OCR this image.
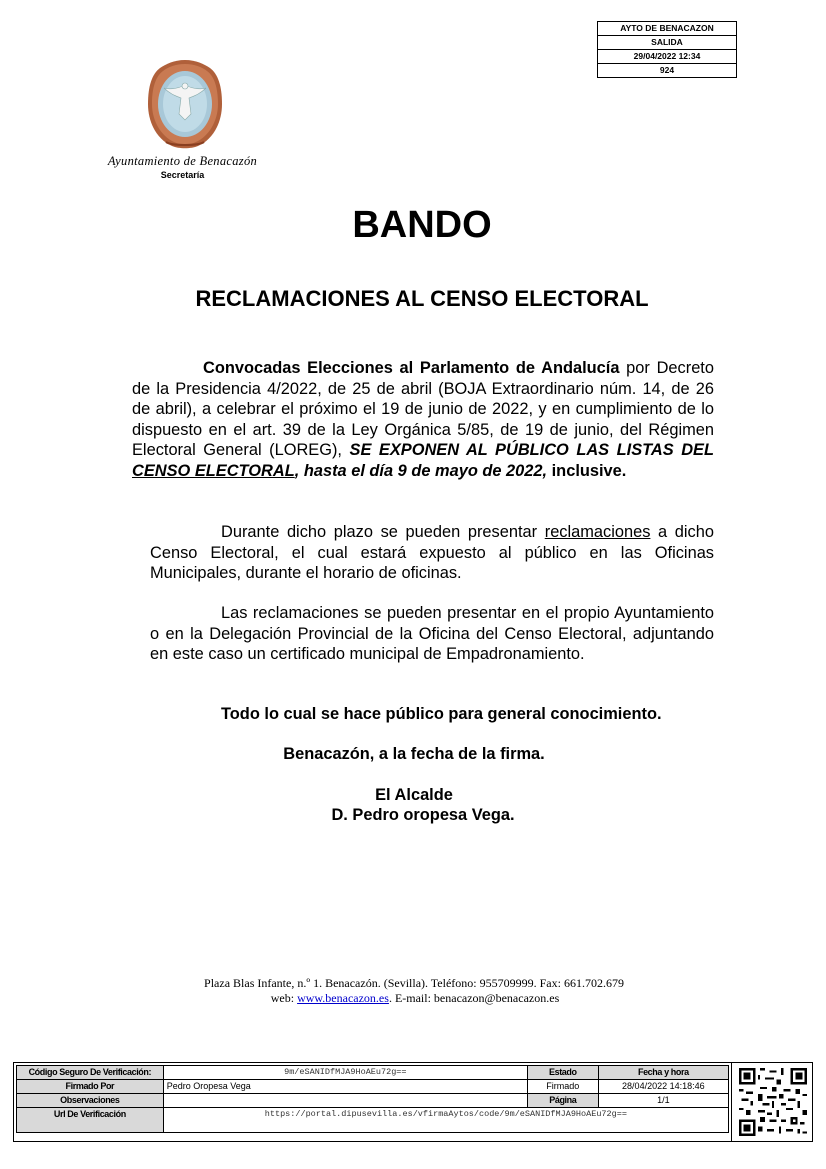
AYTO DE BENACAZON
SALIDA
29/04/2022 12:34
924
Ayuntamiento de Benacazón
Secretaría
BANDO
RECLAMACIONES AL CENSO ELECTORAL
Convocadas Elecciones al Parlamento de Andalucía por Decreto de la Presidencia 4/2022, de 25 de abril (BOJA Extraordinario núm. 14, de 26 de abril), a celebrar el próximo el 19 de junio de 2022, y en cumplimiento de lo dispuesto en el art. 39 de la Ley Orgánica 5/85, de 19 de junio, del Régimen Electoral General (LOREG), SE EXPONEN AL PÚBLICO LAS LISTAS DEL CENSO ELECTORAL, hasta el día 9 de mayo de 2022, inclusive.
Durante dicho plazo se pueden presentar reclamaciones a dicho Censo Electoral, el cual estará expuesto al público en las Oficinas Municipales, durante el horario de oficinas.
Las reclamaciones se pueden presentar en el propio Ayuntamiento o en la Delegación Provincial de la Oficina del Censo Electoral, adjuntando en este caso un certificado municipal de Empadronamiento.
Todo lo cual se hace público para general conocimiento.
Benacazón, a la fecha de la firma.
El Alcalde
D. Pedro oropesa Vega.
Plaza Blas Infante, n.º 1. Benacazón. (Sevilla). Teléfono: 955709999. Fax: 661.702.679
web: www.benacazon.es. E-mail: benacazon@benacazon.es
Código Seguro De Verificación:	9m/eSANIDfMJA9HoAEu72g==	Estado	Fecha y hora
Firmado Por	Pedro Oropesa Vega	Firmado	28/04/2022 14:18:46
Observaciones		Página	1/1
Url De Verificación	https://portal.dipusevilla.es/vfirmaAytos/code/9m/eSANIDfMJA9HoAEu72g==		
